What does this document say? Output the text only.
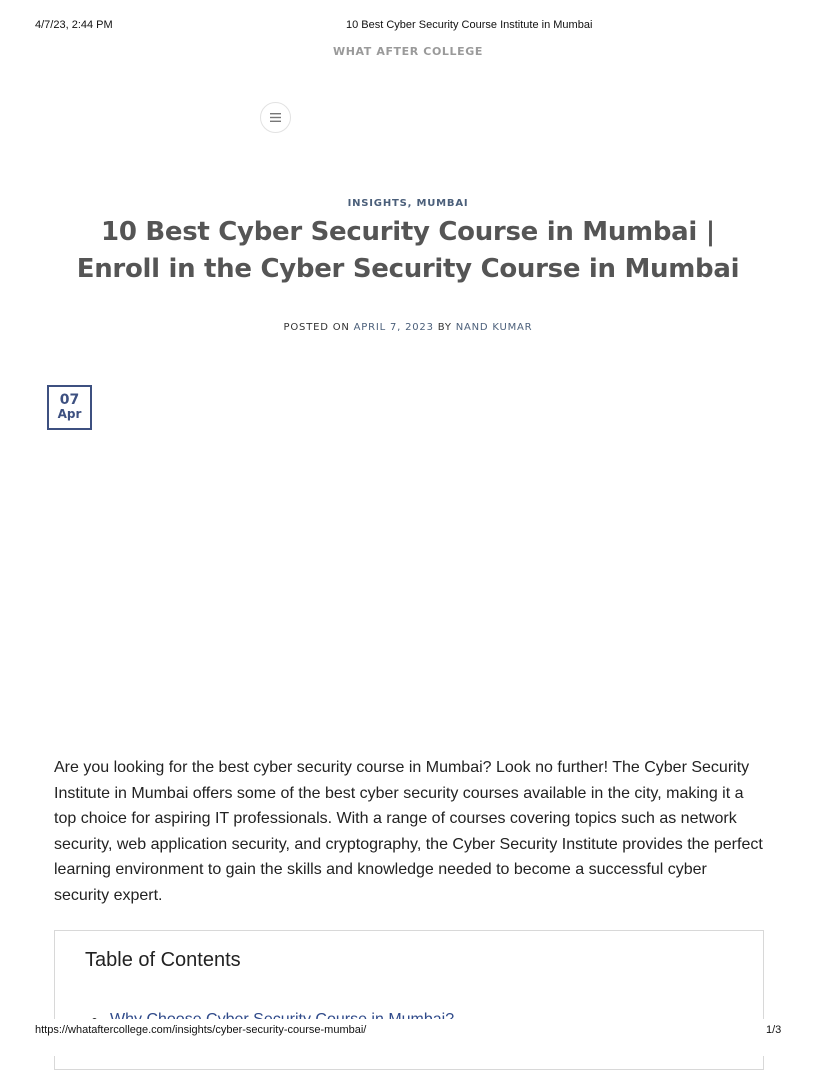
4/7/23, 2:44 PM	10 Best Cyber Security Course Institute in Mumbai
WHAT AFTER COLLEGE
INSIGHTS, MUMBAI
10 Best Cyber Security Course in Mumbai | Enroll in the Cyber Security Course in Mumbai
POSTED ON APRIL 7, 2023 BY NAND KUMAR
07
Apr

Are you looking for the best cyber security course in Mumbai? Look no further! The Cyber Security Institute in Mumbai offers some of the best cyber security courses available in the city, making it a top choice for aspiring IT professionals. With a range of courses covering topics such as network security, web application security, and cryptography, the Cyber Security Institute provides the perfect learning environment to gain the skills and knowledge needed to become a successful cyber security expert.

Table of Contents
https://whataftercollege.com/insights/cyber-security-course-mumbai/	1/3
